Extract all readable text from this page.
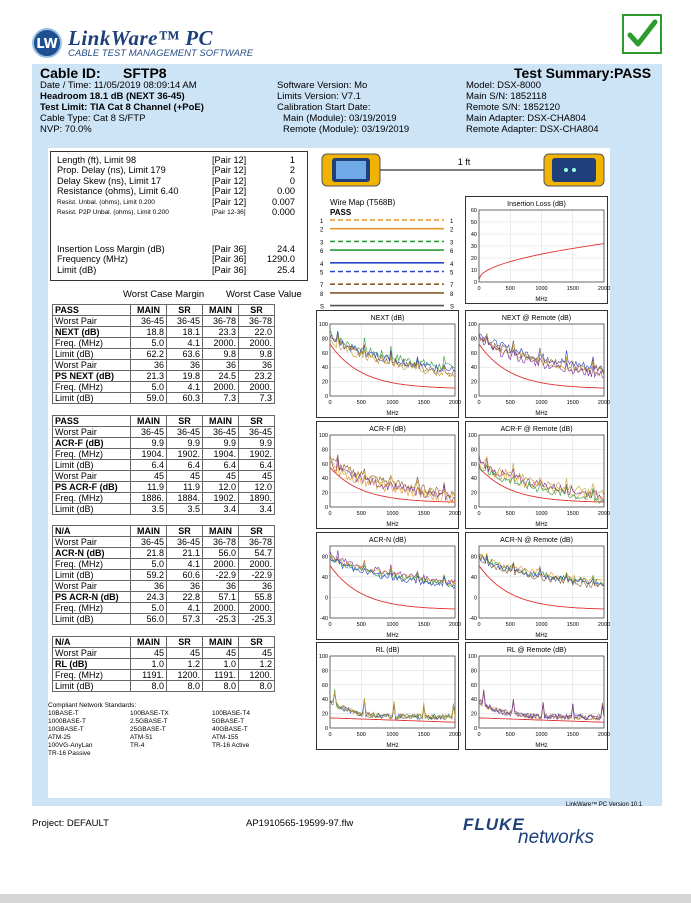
LW LinkWare™ PC
CABLE TEST MANAGEMENT SOFTWARE
Cable ID: SFTP8	Test Summary: PASS
Date / Time: 11/05/2019 08:09:14 AM
Headroom 18.1 dB (NEXT 36-45)
Test Limit: TIA Cat 8 Channel (+PoE)
Cable Type: Cat 8 S/FTP
NVP: 70.0%
Software Version: Mo
Limits Version: V7.1
Calibration Start Date:
Main (Module): 03/19/2019
Remote (Module): 03/19/2019
Model: DSX-8000
Main S/N: 1852118
Remote S/N: 1852120
Main Adapter: DSX-CHA804
Remote Adapter: DSX-CHA804
Length (ft), Limit 98	[Pair 12]	1
Prop. Delay (ns), Limit 179	[Pair 12]	2
Delay Skew (ns), Limit 17	[Pair 12]	0
Resistance (ohms), Limit 6.40	[Pair 12]	0.00
Resist. Unbal. (ohms), Limit 0.200	[Pair 12]	0.007
Resist. P2P Unbal. (ohms), Limit 0.200	[Pair 12-36]	0.000
Insertion Loss Margin (dB)	[Pair 36]	24.4
Frequency (MHz)	[Pair 36] 1290.0
Limit (dB)	[Pair 36]	25.4
Worst Case Margin Worst Case Value
PASS	MAIN	SR	MAIN	SR
Worst Pair	36-45	36-45	36-78	36-78
NEXT (dB)	18.8	18.1	23.3	22.0
Freq. (MHz)	5.0	4.1	2000.	2000.
Limit (dB)	62.2	63.6	9.8	9.8
Worst Pair	36	36	36	36
PS NEXT (dB)	21.3	19.8	24.5	23.2
Freq. (MHz)	5.0	4.1	2000.	2000.
Limit (dB)	59.0	60.3	7.3	7.3
PASS	MAIN	SR	MAIN	SR
Worst Pair	36-45	36-45	36-45	36-45
ACR-F (dB)	9.9	9.9	9.9	9.9
Freq. (MHz)	1904.	1902.	1904.	1902.
Limit (dB)	6.4	6.4	6.4	6.4
Worst Pair	45	45	45	45
PS ACR-F (dB)	11.9	11.9	12.0	12.0
Freq. (MHz)	1886.	1884.	1902.	1890.
Limit (dB)	3.5	3.5	3.4	3.4
N/A	MAIN	SR	MAIN	SR
Worst Pair	36-45	36-45	36-78	36-78
ACR-N (dB)	21.8	21.1	56.0	54.7
Freq. (MHz)	5.0	4.1	2000.	2000.
Limit (dB)	59.2	60.6	-22.9	-22.9
Worst Pair	36	36	36	36
PS ACR-N (dB)	24.3	22.8	57.1	55.8
Freq. (MHz)	5.0	4.1	2000.	2000.
Limit (dB)	56.0	57.3	-25.3	-25.3
N/A	MAIN	SR	MAIN	SR
Worst Pair	45	45	45	45
RL (dB)	1.0	1.2	1.0	1.2
Freq. (MHz)	1191.	1200.	1191.	1200.
Limit (dB)	8.0	8.0	8.0	8.0
Compliant Network Standards:
10BASE-T	100BASE-TX	100BASE-T4
1000BASE-T	2.5GBASE-T	5GBASE-T
10GBASE-T	25GBASE-T	40GBASE-T
ATM-25	ATM-51	ATM-155
100VG-AnyLan	TR-4	TR-16 Active
TR-16 Passive
1 ft
Wire Map (T568B)
PASS
1	1
2	2
3	3
6	6
4	4
5	5
7	7
8	8
S	S
Insertion Loss (dB)
0
10
20
30
40
50
60
0	500	1000	1500	2000
MHz
NEXT (dB)
0
20
40
60
80
100
0	500	1000	1500	2000
MHz
NEXT @ Remote (dB)
0
20
40
60
80
100
0	500	1000	1500	2000
MHz
ACR-F (dB)
0
20
40
60
80
100
0	500	1000	1500	2000
MHz
ACR-F @ Remote (dB)
0
20
40
60
80
100
0	500	1000	1500	2000
MHz
ACR-N (dB)
-40
0
40
80
0	500	1000	1500	2000
MHz
ACR-N @ Remote (dB)
-40
0
40
80
0	500	1000	1500	2000
MHz
RL (dB)
0
20
40
60
80
100
0	500	1000	1500	2000
MHz
RL @ Remote (dB)
0
20
40
60
80
100
0	500	1000	1500	2000
MHz
LinkWare™ PC Version 10.1
Project: DEFAULT	AP1910565-19599-97.flw	FLUKE
networks
